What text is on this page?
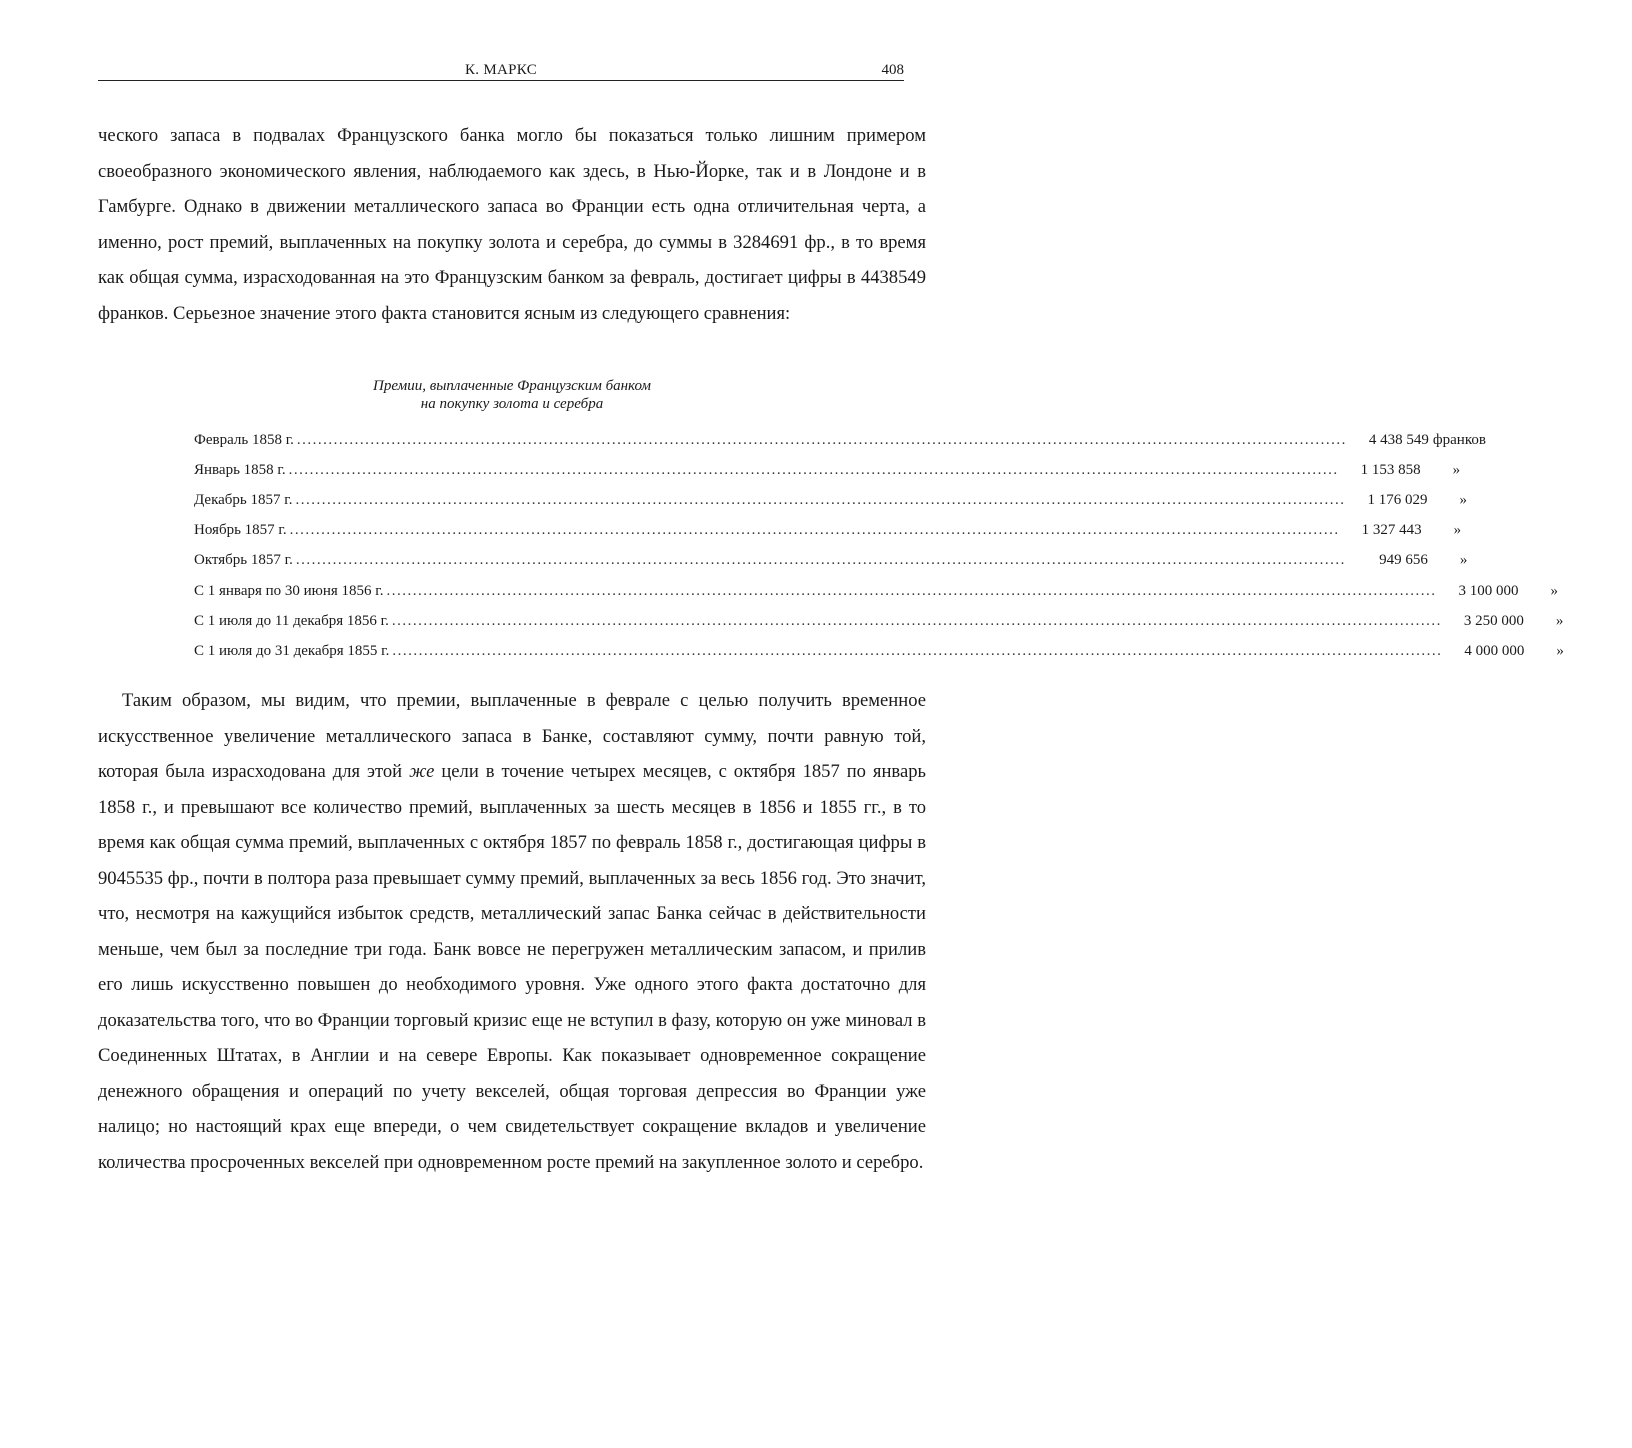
К. МАРКС	408

ческого запаса в подвалах Французского банка могло бы показаться только лишним примером своеобразного экономического явления, наблюдаемого как здесь, в Нью-Йорке, так и в Лондоне и в Гамбурге. Однако в движении металлического запаса во Франции есть одна отличительная черта, а именно, рост премий, выплаченных на покупку золота и серебра, до суммы в 3284691 фр., в то время как общая сумма, израсходованная на это Французским банком за февраль, достигает цифры в 4438549 франков. Серьезное значение этого факта становится ясным из следующего сравнения:

Премии, выплаченные Французским банком
на покупку золота и серебра
Февраль 1858 г. ........................................................................................................................................................................................................	4 438 549 франков
Январь 1858 г. ........................................................................................................................................................................................................	1 153 858	»
Декабрь 1857 г. ........................................................................................................................................................................................................	1 176 029	»
Ноябрь 1857 г. ........................................................................................................................................................................................................	1 327 443	»
Октябрь 1857 г. ........................................................................................................................................................................................................	949 656	»
С 1 января по 30 июня 1856 г. ........................................................................................................................................................................................................	3 100 000	»
С 1 июля до 11 декабря 1856 г. ........................................................................................................................................................................................................	3 250 000	»
С 1 июля до 31 декабря 1855 г. ........................................................................................................................................................................................................	4 000 000	»

Таким образом, мы видим, что премии, выплаченные в феврале с целью получить временное искусственное увеличение металлического запаса в Банке, составляют сумму, почти равную той, которая была израсходована для этой же цели в точение четырех месяцев, с октября 1857 по январь 1858 г., и превышают все количество премий, выплаченных за шесть месяцев в 1856 и 1855 гг., в то время как общая сумма премий, выплаченных с октября 1857 по февраль 1858 г., достигающая цифры в 9045535 фр., почти в полтора раза превышает сумму премий, выплаченных за весь 1856 год. Это значит, что, несмотря на кажущийся избыток средств, металлический запас Банка сейчас в действительности меньше, чем был за последние три года. Банк вовсе не перегружен металлическим запасом, и прилив его лишь искусственно повышен до необходимого уровня. Уже одного этого факта достаточно для доказательства того, что во Франции торговый кризис еще не вступил в фазу, которую он уже миновал в Соединенных Штатах, в Англии и на севере Европы. Как показывает одновременное сокращение денежного обращения и операций по учету векселей, общая торговая депрессия во Франции уже налицо; но настоящий крах еще впереди, о чем свидетельствует сокращение вкладов и увеличение количества просроченных векселей при одновременном росте премий на закупленное золото и серебро.
